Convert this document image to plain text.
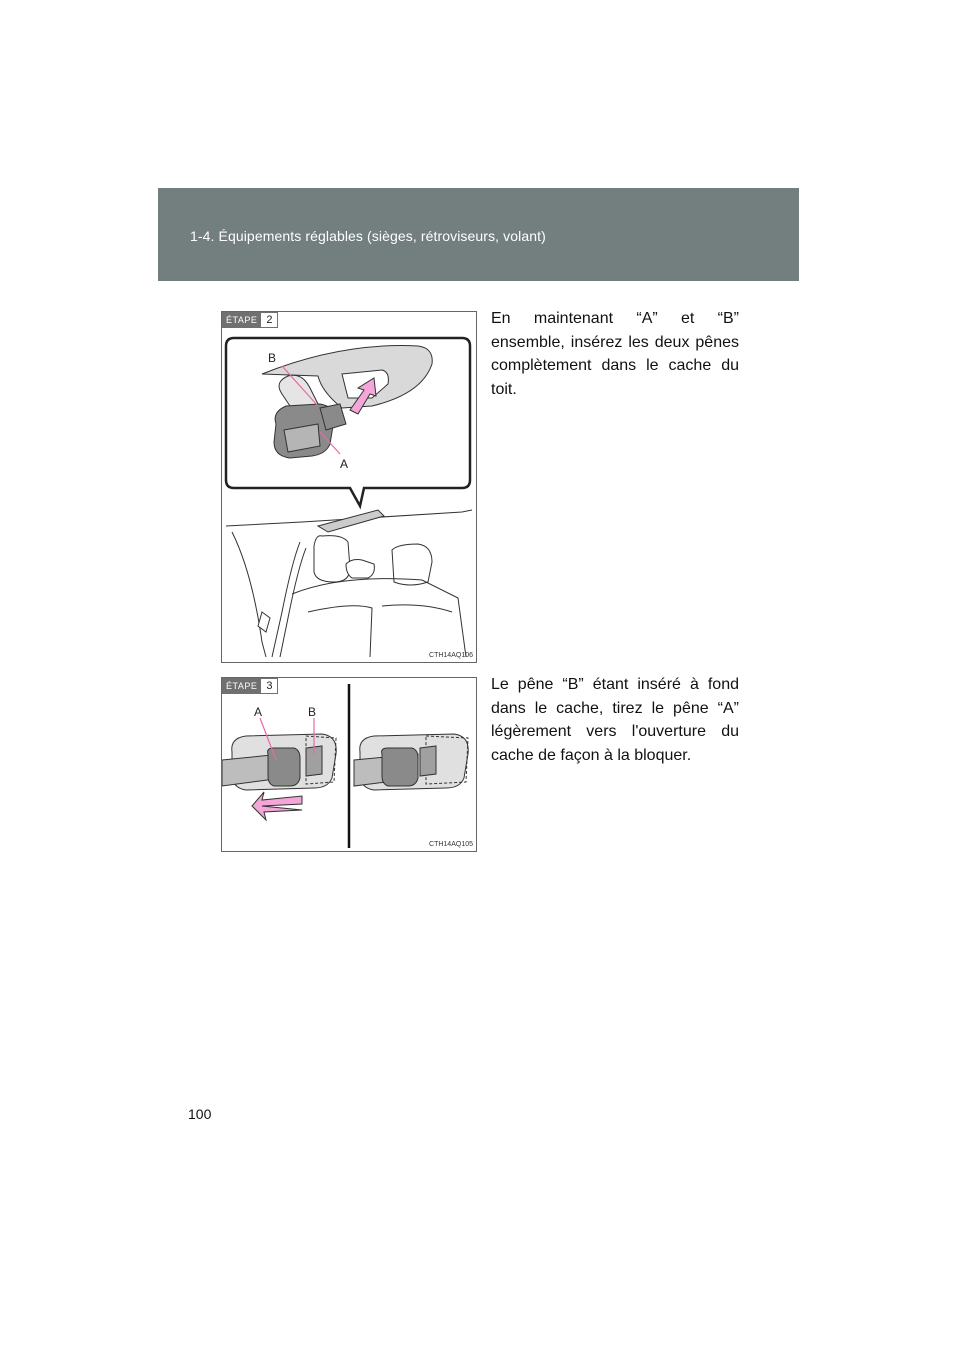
1-4. Équipements réglables (sièges, rétroviseurs, volant)
B
A
ÉTAPE 2
CTH14AQ106
En maintenant “A” et “B” ensemble, insérez les deux pênes complètement dans le cache du toit.
A	B
ÉTAPE 3
CTH14AQ105
Le pêne “B” étant inséré à fond dans le cache, tirez le pêne “A” légèrement vers l'ouverture du cache de façon à la bloquer.
100
